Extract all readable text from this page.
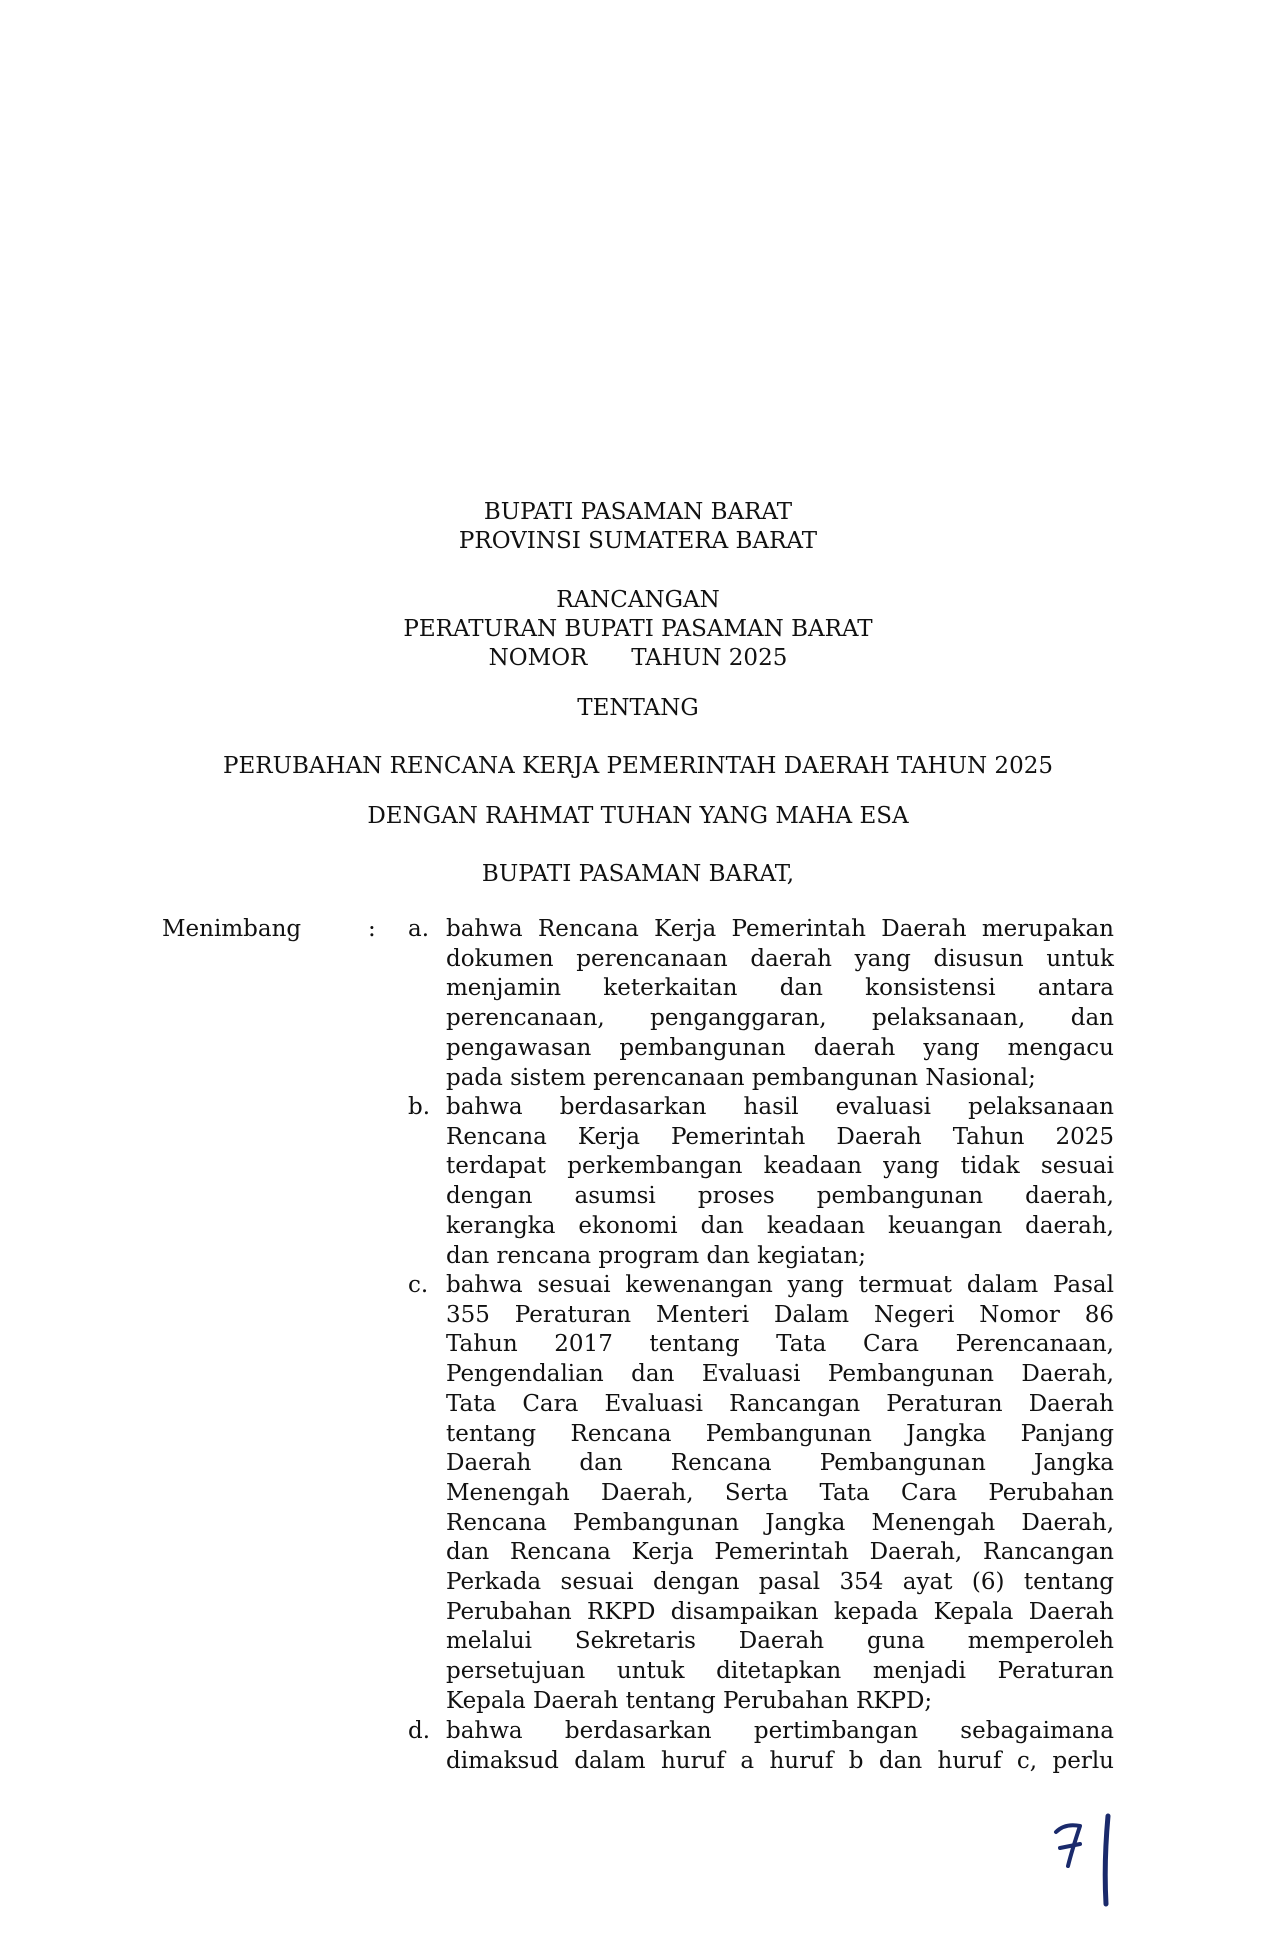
BUPATI PASAMAN BARAT
PROVINSI SUMATERA BARAT
RANCANGAN
PERATURAN BUPATI PASAMAN BARAT
NOMOR      TAHUN 2025
TENTANG
PERUBAHAN RENCANA KERJA PEMERINTAH DAERAH TAHUN 2025
DENGAN RAHMAT TUHAN YANG MAHA ESA
BUPATI PASAMAN BARAT,
Menimbang	: a. bahwa Rencana Kerja Pemerintah Daerah merupakan
dokumen perencanaan daerah yang disusun untuk
menjamin keterkaitan dan konsistensi antara
perencanaan, penganggaran, pelaksanaan, dan
pengawasan pembangunan daerah yang mengacu
pada sistem perencanaan pembangunan Nasional;
b. bahwa berdasarkan hasil evaluasi pelaksanaan
Rencana Kerja Pemerintah Daerah Tahun 2025
terdapat perkembangan keadaan yang tidak sesuai
dengan asumsi proses pembangunan daerah,
kerangka ekonomi dan keadaan keuangan daerah,
dan rencana program dan kegiatan;
c. bahwa sesuai kewenangan yang termuat dalam Pasal
355 Peraturan Menteri Dalam Negeri Nomor 86
Tahun 2017 tentang Tata Cara Perencanaan,
Pengendalian dan Evaluasi Pembangunan Daerah,
Tata Cara Evaluasi Rancangan Peraturan Daerah
tentang Rencana Pembangunan Jangka Panjang
Daerah dan Rencana Pembangunan Jangka
Menengah Daerah, Serta Tata Cara Perubahan
Rencana Pembangunan Jangka Menengah Daerah,
dan Rencana Kerja Pemerintah Daerah, Rancangan
Perkada sesuai dengan pasal 354 ayat (6) tentang
Perubahan RKPD disampaikan kepada Kepala Daerah
melalui Sekretaris Daerah guna memperoleh
persetujuan untuk ditetapkan menjadi Peraturan
Kepala Daerah tentang Perubahan RKPD;
d. bahwa berdasarkan pertimbangan sebagaimana
dimaksud dalam huruf a huruf b dan huruf c, perlu
